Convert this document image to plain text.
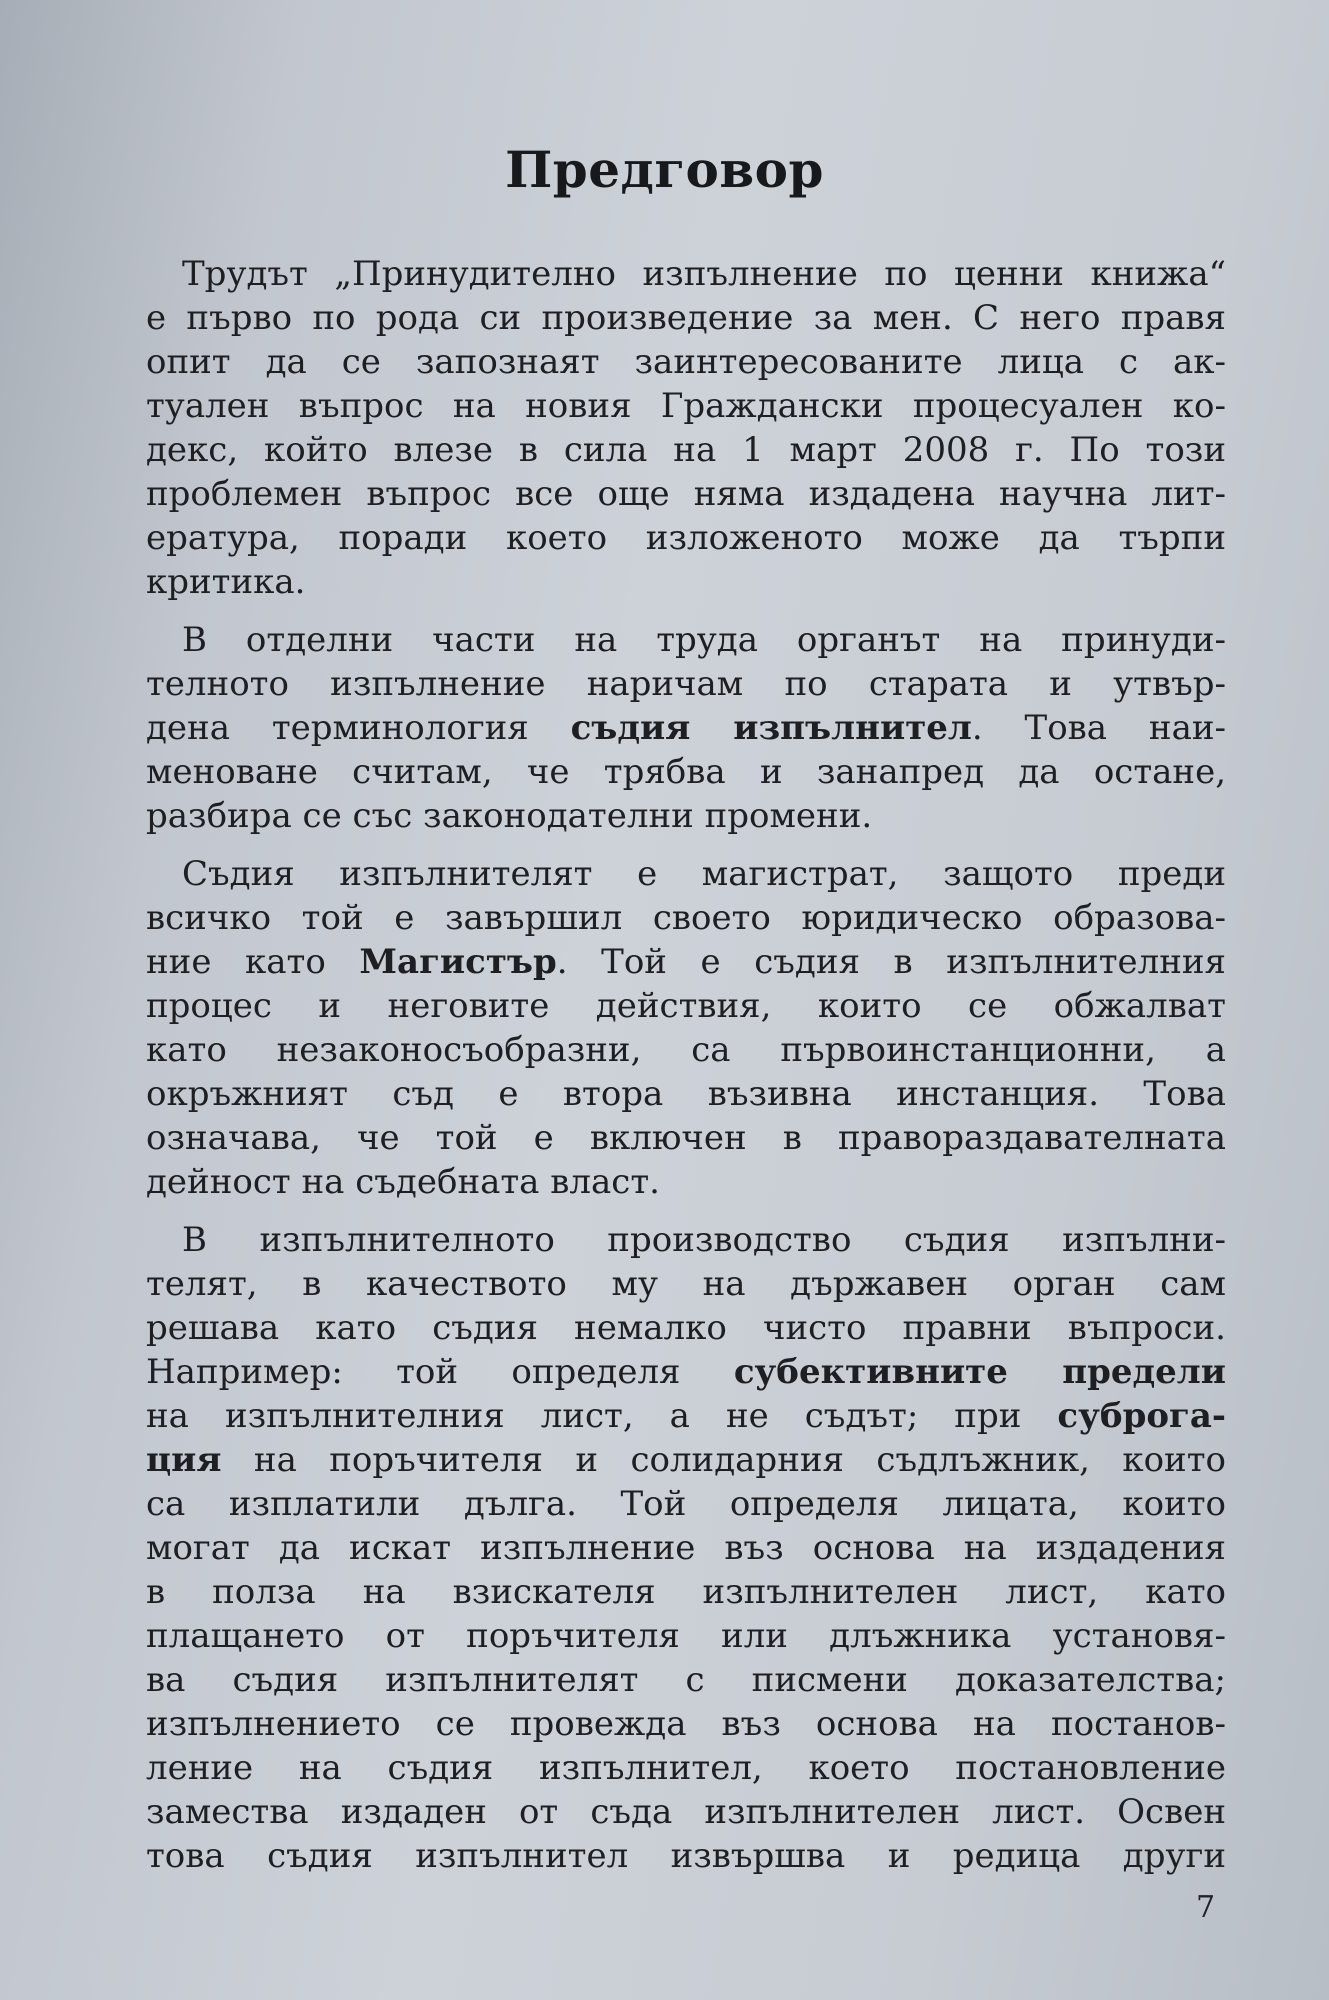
Предговор
Трудът „Принудително изпълнение по ценни книжа“
е първо по рода си произведение за мен. С него правя
опит да се запознаят заинтересованите лица с ак-
туален въпрос на новия Граждански процесуален ко-
декс, който влезе в сила на 1 март 2008 г. По този
проблемен въпрос все още няма издадена научна лит-
ература, поради което изложеното може да търпи
критика.
В отделни части на труда органът на принуди-
телното изпълнение наричам по старата и утвър-
дена терминология съдия изпълнител. Това наи-
меноване считам, че трябва и занапред да остане,
разбира се със законодателни промени.
Съдия изпълнителят е магистрат, защото преди
всичко той е завършил своето юридическо образова-
ние като Магистър. Той е съдия в изпълнителния
процес и неговите действия, които се обжалват
като незаконосъобразни, са първоинстанционни, а
окръжният съд е втора възивна инстанция. Това
означава, че той е включен в правораздавателната
дейност на съдебната власт.
В изпълнителното производство съдия изпълни-
телят, в качеството му на държавен орган сам
решава като съдия немалко чисто правни въпроси.
Например: той определя субективните предели
на изпълнителния лист, а не съдът; при суброга-
ция на поръчителя и солидарния съдлъжник, които
са изплатили дълга. Той определя лицата, които
могат да искат изпълнение въз основа на издадения
в полза на взискателя изпълнителен лист, като
плащането от поръчителя или длъжника установя-
ва съдия изпълнителят с писмени доказателства;
изпълнението се провежда въз основа на постанов-
ление на съдия изпълнител, което постановление
замества издаден от съда изпълнителен лист. Освен
това съдия изпълнител извършва и редица други
7
